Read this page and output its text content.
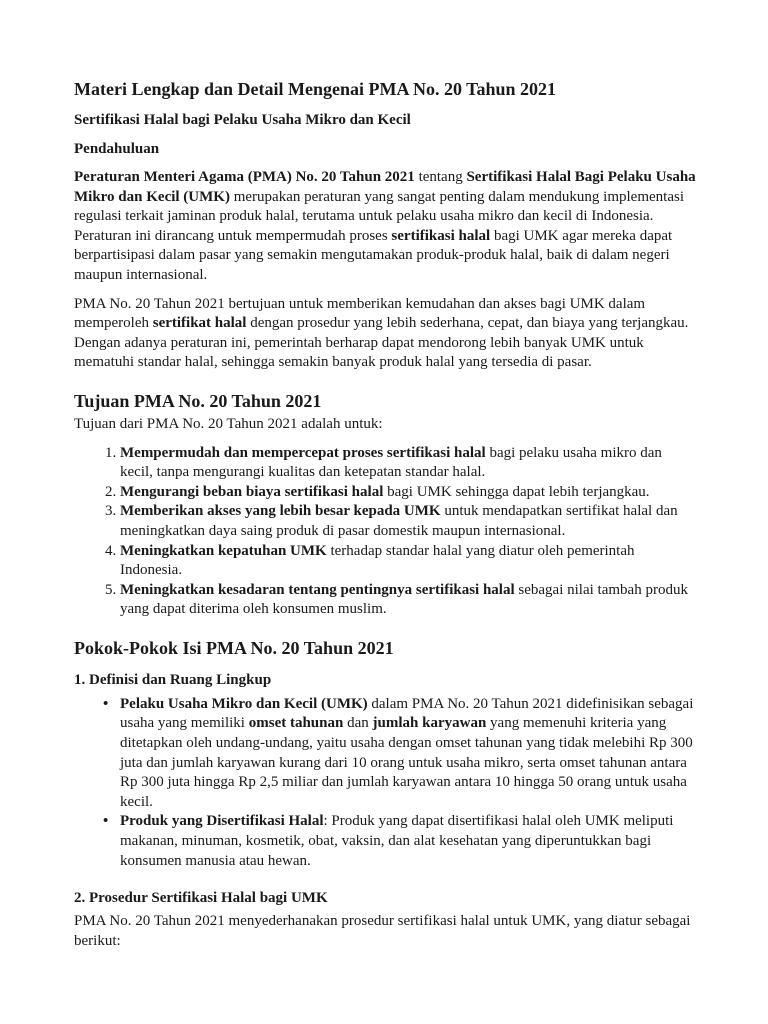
Materi Lengkap dan Detail Mengenai PMA No. 20 Tahun 2021
Sertifikasi Halal bagi Pelaku Usaha Mikro dan Kecil
Pendahuluan

Peraturan Menteri Agama (PMA) No. 20 Tahun 2021 tentang Sertifikasi Halal Bagi Pelaku Usaha Mikro dan Kecil (UMK) merupakan peraturan yang sangat penting dalam mendukung implementasi regulasi terkait jaminan produk halal, terutama untuk pelaku usaha mikro dan kecil di Indonesia. Peraturan ini dirancang untuk mempermudah proses sertifikasi halal bagi UMK agar mereka dapat berpartisipasi dalam pasar yang semakin mengutamakan produk-produk halal, baik di dalam negeri maupun internasional.

PMA No. 20 Tahun 2021 bertujuan untuk memberikan kemudahan dan akses bagi UMK dalam memperoleh sertifikat halal dengan prosedur yang lebih sederhana, cepat, dan biaya yang terjangkau. Dengan adanya peraturan ini, pemerintah berharap dapat mendorong lebih banyak UMK untuk mematuhi standar halal, sehingga semakin banyak produk halal yang tersedia di pasar.

Tujuan PMA No. 20 Tahun 2021

Tujuan dari PMA No. 20 Tahun 2021 adalah untuk:

1. Mempermudah dan mempercepat proses sertifikasi halal bagi pelaku usaha mikro dan kecil, tanpa mengurangi kualitas dan ketepatan standar halal.
2. Mengurangi beban biaya sertifikasi halal bagi UMK sehingga dapat lebih terjangkau.
3. Memberikan akses yang lebih besar kepada UMK untuk mendapatkan sertifikat halal dan meningkatkan daya saing produk di pasar domestik maupun internasional.
4. Meningkatkan kepatuhan UMK terhadap standar halal yang diatur oleh pemerintah Indonesia.
5. Meningkatkan kesadaran tentang pentingnya sertifikasi halal sebagai nilai tambah produk yang dapat diterima oleh konsumen muslim.
Pokok-Pokok Isi PMA No. 20 Tahun 2021
1. Definisi dan Ruang Lingkup
• Pelaku Usaha Mikro dan Kecil (UMK) dalam PMA No. 20 Tahun 2021 didefinisikan sebagai usaha yang memiliki omset tahunan dan jumlah karyawan yang memenuhi kriteria yang ditetapkan oleh undang-undang, yaitu usaha dengan omset tahunan yang tidak melebihi Rp 300 juta dan jumlah karyawan kurang dari 10 orang untuk usaha mikro, serta omset tahunan antara Rp 300 juta hingga Rp 2,5 miliar dan jumlah karyawan antara 10 hingga 50 orang untuk usaha kecil.
• Produk yang Disertifikasi Halal: Produk yang dapat disertifikasi halal oleh UMK meliputi makanan, minuman, kosmetik, obat, vaksin, dan alat kesehatan yang diperuntukkan bagi konsumen manusia atau hewan.
2. Prosedur Sertifikasi Halal bagi UMK

PMA No. 20 Tahun 2021 menyederhanakan prosedur sertifikasi halal untuk UMK, yang diatur sebagai berikut:
